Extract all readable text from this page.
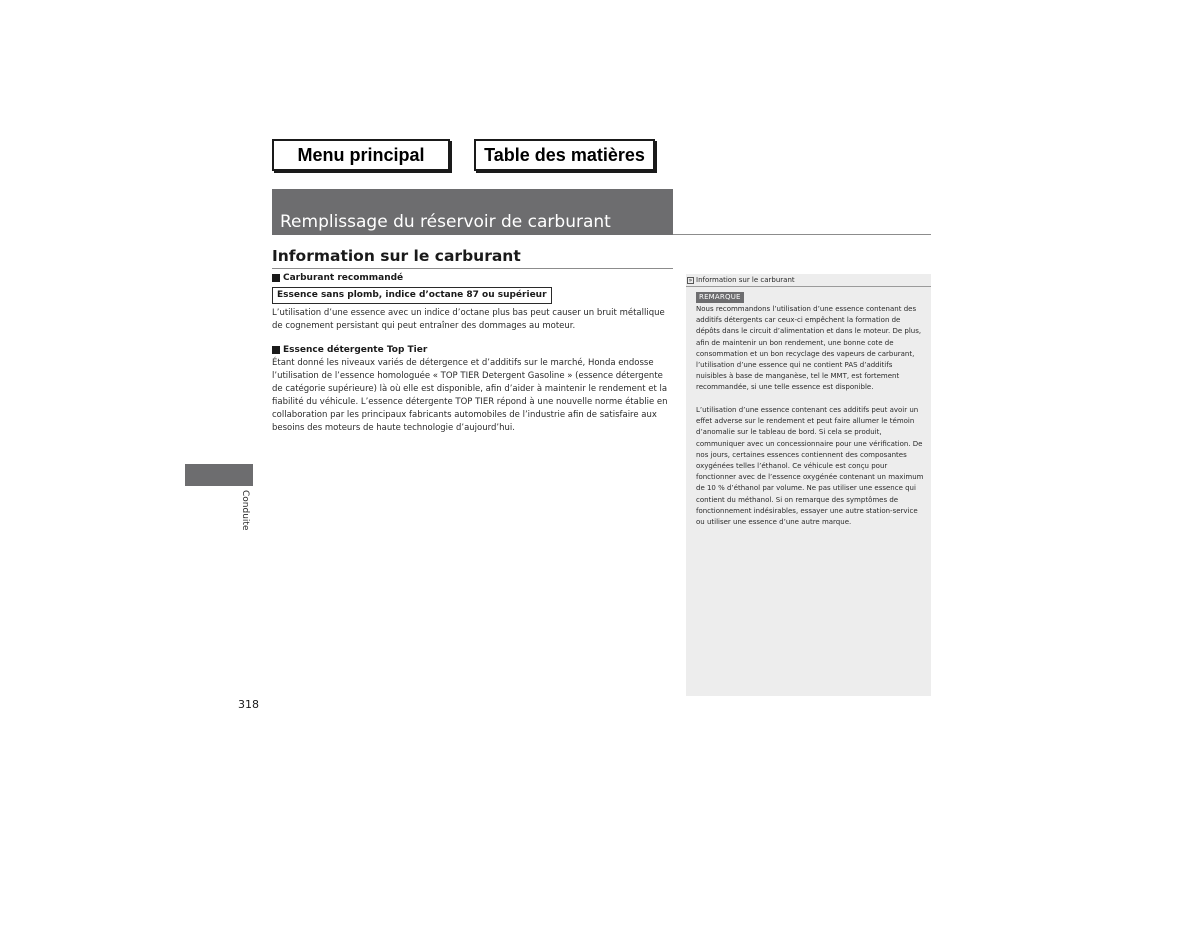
Menu principal	Table des matières
Remplissage du réservoir de carburant
Information sur le carburant
Carburant recommandé
Essence sans plomb, indice d’octane 87 ou supérieur
L’utilisation d’une essence avec un indice d’octane plus bas peut causer un bruit métallique de cognement persistant qui peut entraîner des dommages au moteur.
Essence détergente Top Tier
Étant donné les niveaux variés de détergence et d’additifs sur le marché, Honda endosse l’utilisation de l’essence homologuée « TOP TIER Detergent Gasoline » (essence détergente de catégorie supérieure) là où elle est disponible, afin d’aider à maintenir le rendement et la fiabilité du véhicule. L’essence détergente TOP TIER répond à une nouvelle norme établie en collaboration par les principaux fabricants automobiles de l’industrie afin de satisfaire aux besoins des moteurs de haute technologie d’aujourd’hui.
» Information sur le carburant
REMARQUE
Nous recommandons l’utilisation d’une essence contenant des additifs détergents car ceux-ci empêchent la formation de dépôts dans le circuit d’alimentation et dans le moteur. De plus, afin de maintenir un bon rendement, une bonne cote de consommation et un bon recyclage des vapeurs de carburant, l’utilisation d’une essence qui ne contient PAS d’additifs nuisibles à base de manganèse, tel le MMT, est fortement recommandée, si une telle essence est disponible.
L’utilisation d’une essence contenant ces additifs peut avoir un effet adverse sur le rendement et peut faire allumer le témoin d’anomalie sur le tableau de bord. Si cela se produit, communiquer avec un concessionnaire pour une vérification. De nos jours, certaines essences contiennent des composantes oxygénées telles l’éthanol. Ce véhicule est conçu pour fonctionner avec de l’essence oxygénée contenant un maximum de 10 % d’éthanol par volume. Ne pas utiliser une essence qui contient du méthanol. Si on remarque des symptômes de fonctionnement indésirables, essayer une autre station-service ou utiliser une essence d’une autre marque.
Conduite
318
